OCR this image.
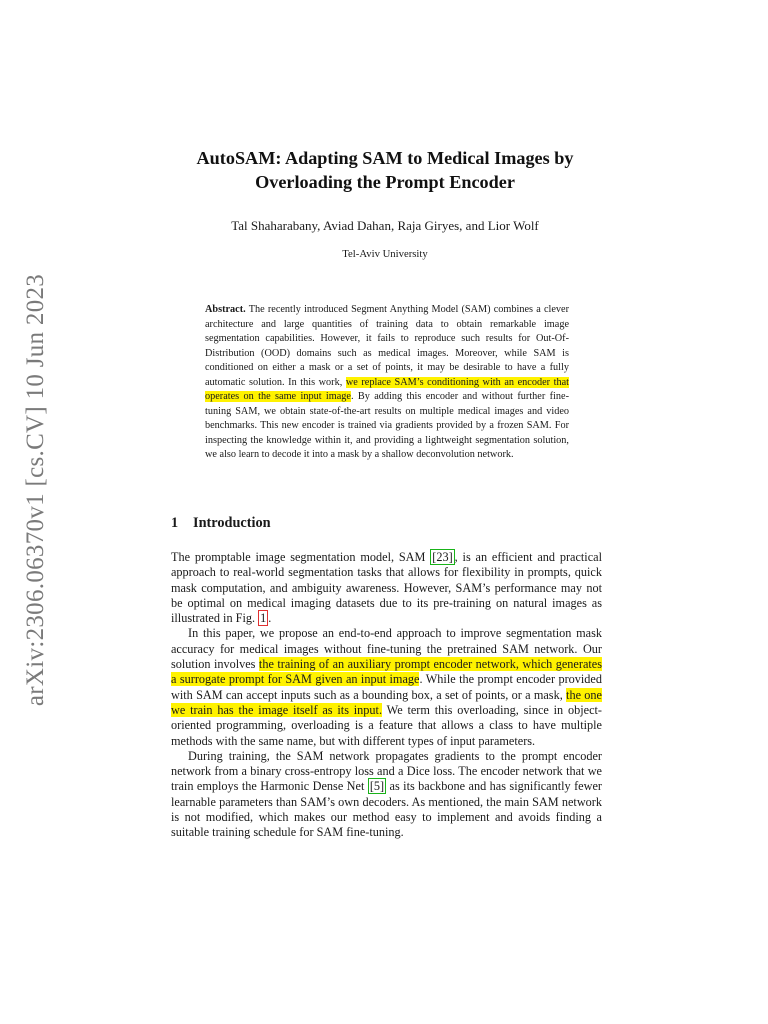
arXiv:2306.06370v1 [cs.CV] 10 Jun 2023
AutoSAM: Adapting SAM to Medical Images by
Overloading the Prompt Encoder
Tal Shaharabany, Aviad Dahan, Raja Giryes, and Lior Wolf
Tel-Aviv University
Abstract. The recently introduced Segment Anything Model (SAM) combines a clever architecture and large quantities of training data to obtain remarkable image segmentation capabilities. However, it fails to reproduce such results for Out-Of-Distribution (OOD) domains such as medical images. Moreover, while SAM is conditioned on either a mask or a set of points, it may be desirable to have a fully automatic solution. In this work, we replace SAM’s conditioning with an encoder that operates on the same input image. By adding this encoder and without further fine-tuning SAM, we obtain state-of-the-art results on multiple medical images and video benchmarks. This new encoder is trained via gradients provided by a frozen SAM. For inspecting the knowledge within it, and providing a lightweight segmentation solution, we also learn to decode it into a mask by a shallow deconvolution network.
1 Introduction

The promptable image segmentation model, SAM [23] , is an efficient and practical approach to real-world segmentation tasks that allows for flexibility in prompts, quick mask computation, and ambiguity awareness. However, SAM’s performance may not be optimal on medical imaging datasets due to its pre-training on natural images as illustrated in Fig. 1 .

In this paper, we propose an end-to-end approach to improve segmentation mask accuracy for medical images without fine-tuning the pretrained SAM network. Our solution involves the training of an auxiliary prompt encoder network, which generates a surrogate prompt for SAM given an input image. While the prompt encoder provided with SAM can accept inputs such as a bounding box, a set of points, or a mask, the one we train has the image itself as its input. We term this overloading, since in object-oriented programming, overloading is a feature that allows a class to have multiple methods with the same name, but with different types of input parameters.

During training, the SAM network propagates gradients to the prompt encoder network from a binary cross-entropy loss and a Dice loss. The encoder network that we train employs the Harmonic Dense Net [5] as its backbone and has significantly fewer learnable parameters than SAM’s own decoders. As mentioned, the main SAM network is not modified, which makes our method easy to implement and avoids finding a suitable training schedule for SAM fine-tuning.
